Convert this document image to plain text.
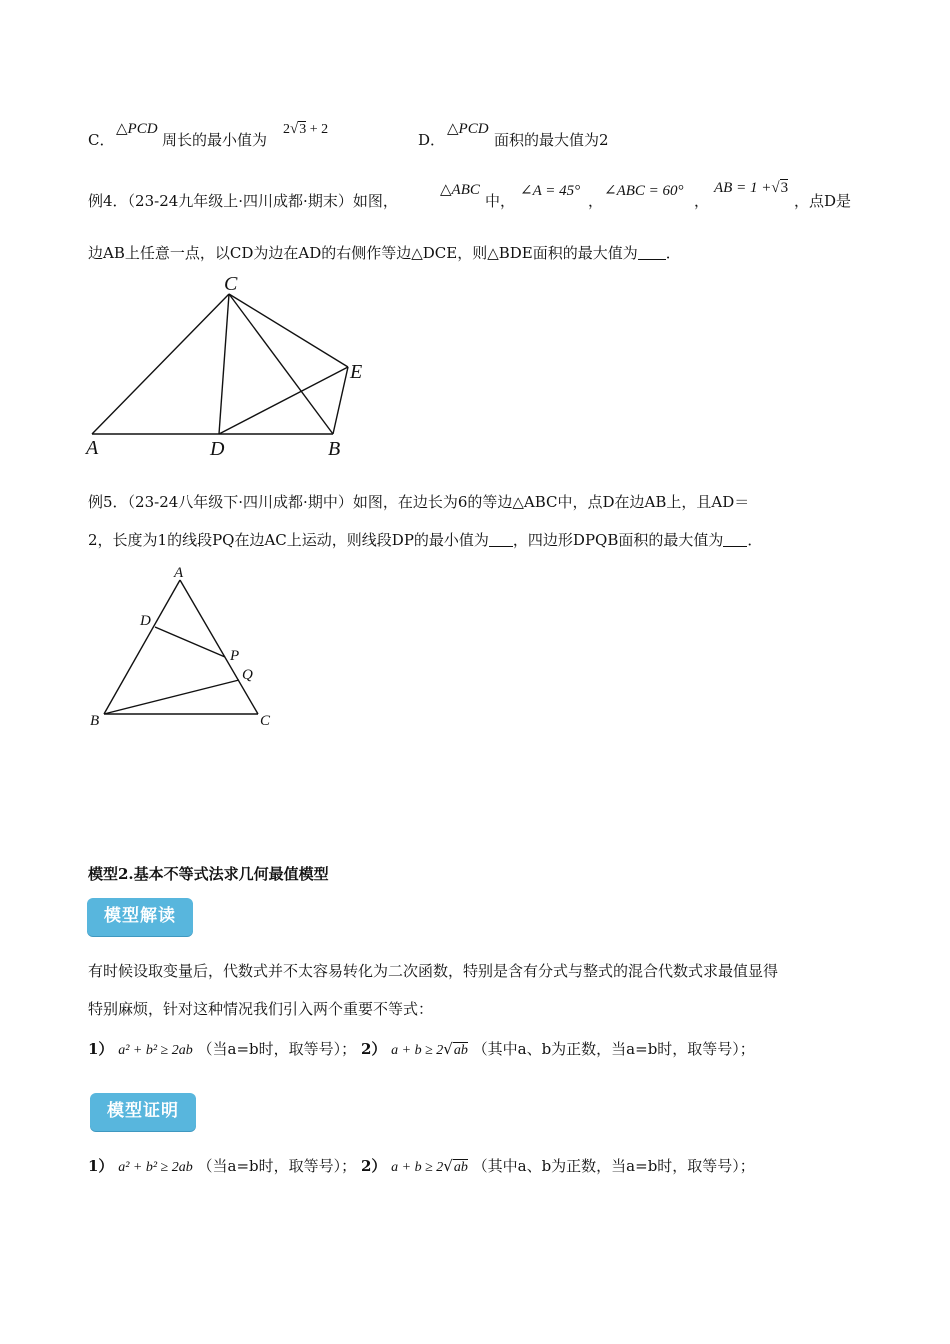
C．
△PCD
周长的最小值为
2√3 + 2
D．
△PCD
面积的最大值为2
例4．（23-24九年级上·四川成都·期末）如图，
△ABC
中，
∠A = 45°
，
∠ABC = 60°
，
AB = 1 +√3
，点D是
边AB上任意一点，以CD为边在AD的右侧作等边△DCE，则△BDE面积的最大值为 ．
A	D	B
C
E
例5．（23-24八年级下·四川成都·期中）如图，在边长为6的等边△ABC中，点D在边AB上，且AD＝
2，长度为1的线段PQ在边AC上运动，则线段DP的最小值为 ，四边形DPQB面积的最大值为 ．
A
D
P
Q
B	C
模型2.基本不等式法求几何最值模型
模型解读
有时候设取变量后，代数式并不太容易转化为二次函数，特别是含有分式与整式的混合代数式求最值显得
特别麻烦，针对这种情况我们引入两个重要不等式：
1） a² + b² ≥ 2ab （当a=b时，取等号）； 2） a + b ≥ 2√ab （其中a、b为正数，当a=b时，取等号）；
模型证明
1） a² + b² ≥ 2ab （当a=b时，取等号）； 2） a + b ≥ 2√ab （其中a、b为正数，当a=b时，取等号）；
